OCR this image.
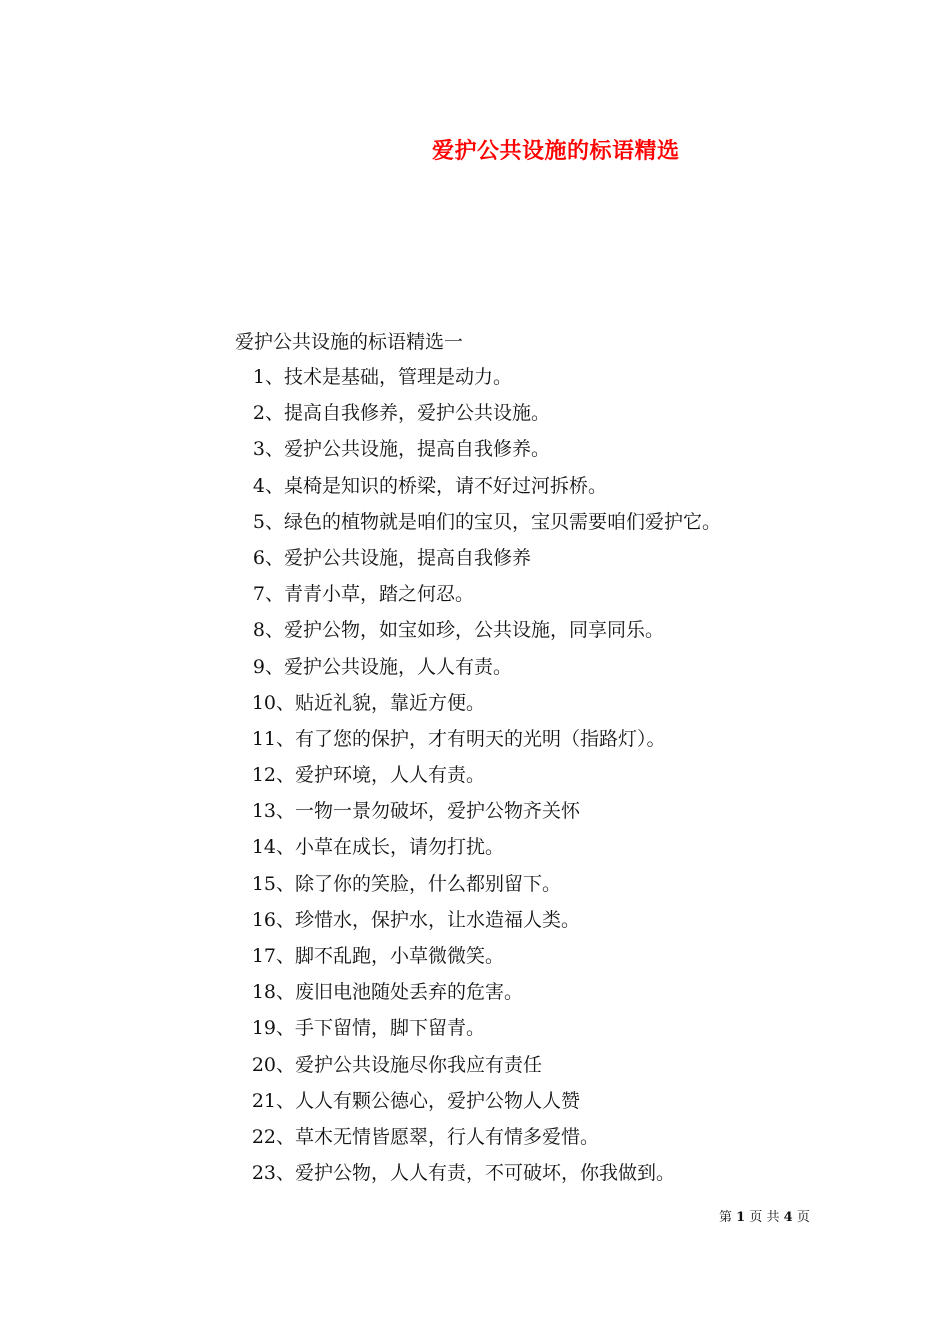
爱护公共设施的标语精选
爱护公共设施的标语精选一
1、技术是基础，管理是动力。
2、提高自我修养，爱护公共设施。
3、爱护公共设施，提高自我修养。
4、桌椅是知识的桥梁，请不好过河拆桥。
5、绿色的植物就是咱们的宝贝，宝贝需要咱们爱护它。
6、爱护公共设施，提高自我修养
7、青青小草，踏之何忍。
8、爱护公物，如宝如珍，公共设施，同享同乐。
9、爱护公共设施，人人有责。
10、贴近礼貌，靠近方便。
11、有了您的保护，才有明天的光明（指路灯）。
12、爱护环境，人人有责。
13、一物一景勿破坏，爱护公物齐关怀
14、小草在成长，请勿打扰。
15、除了你的笑脸，什么都别留下。
16、珍惜水，保护水，让水造福人类。
17、脚不乱跑，小草微微笑。
18、废旧电池随处丢弃的危害。
19、手下留情，脚下留青。
20、爱护公共设施尽你我应有责任
21、人人有颗公德心，爱护公物人人赞
22、草木无情皆愿翠，行人有情多爱惜。
23、爱护公物，人人有责，不可破坏，你我做到。
第 1 页 共 4 页
